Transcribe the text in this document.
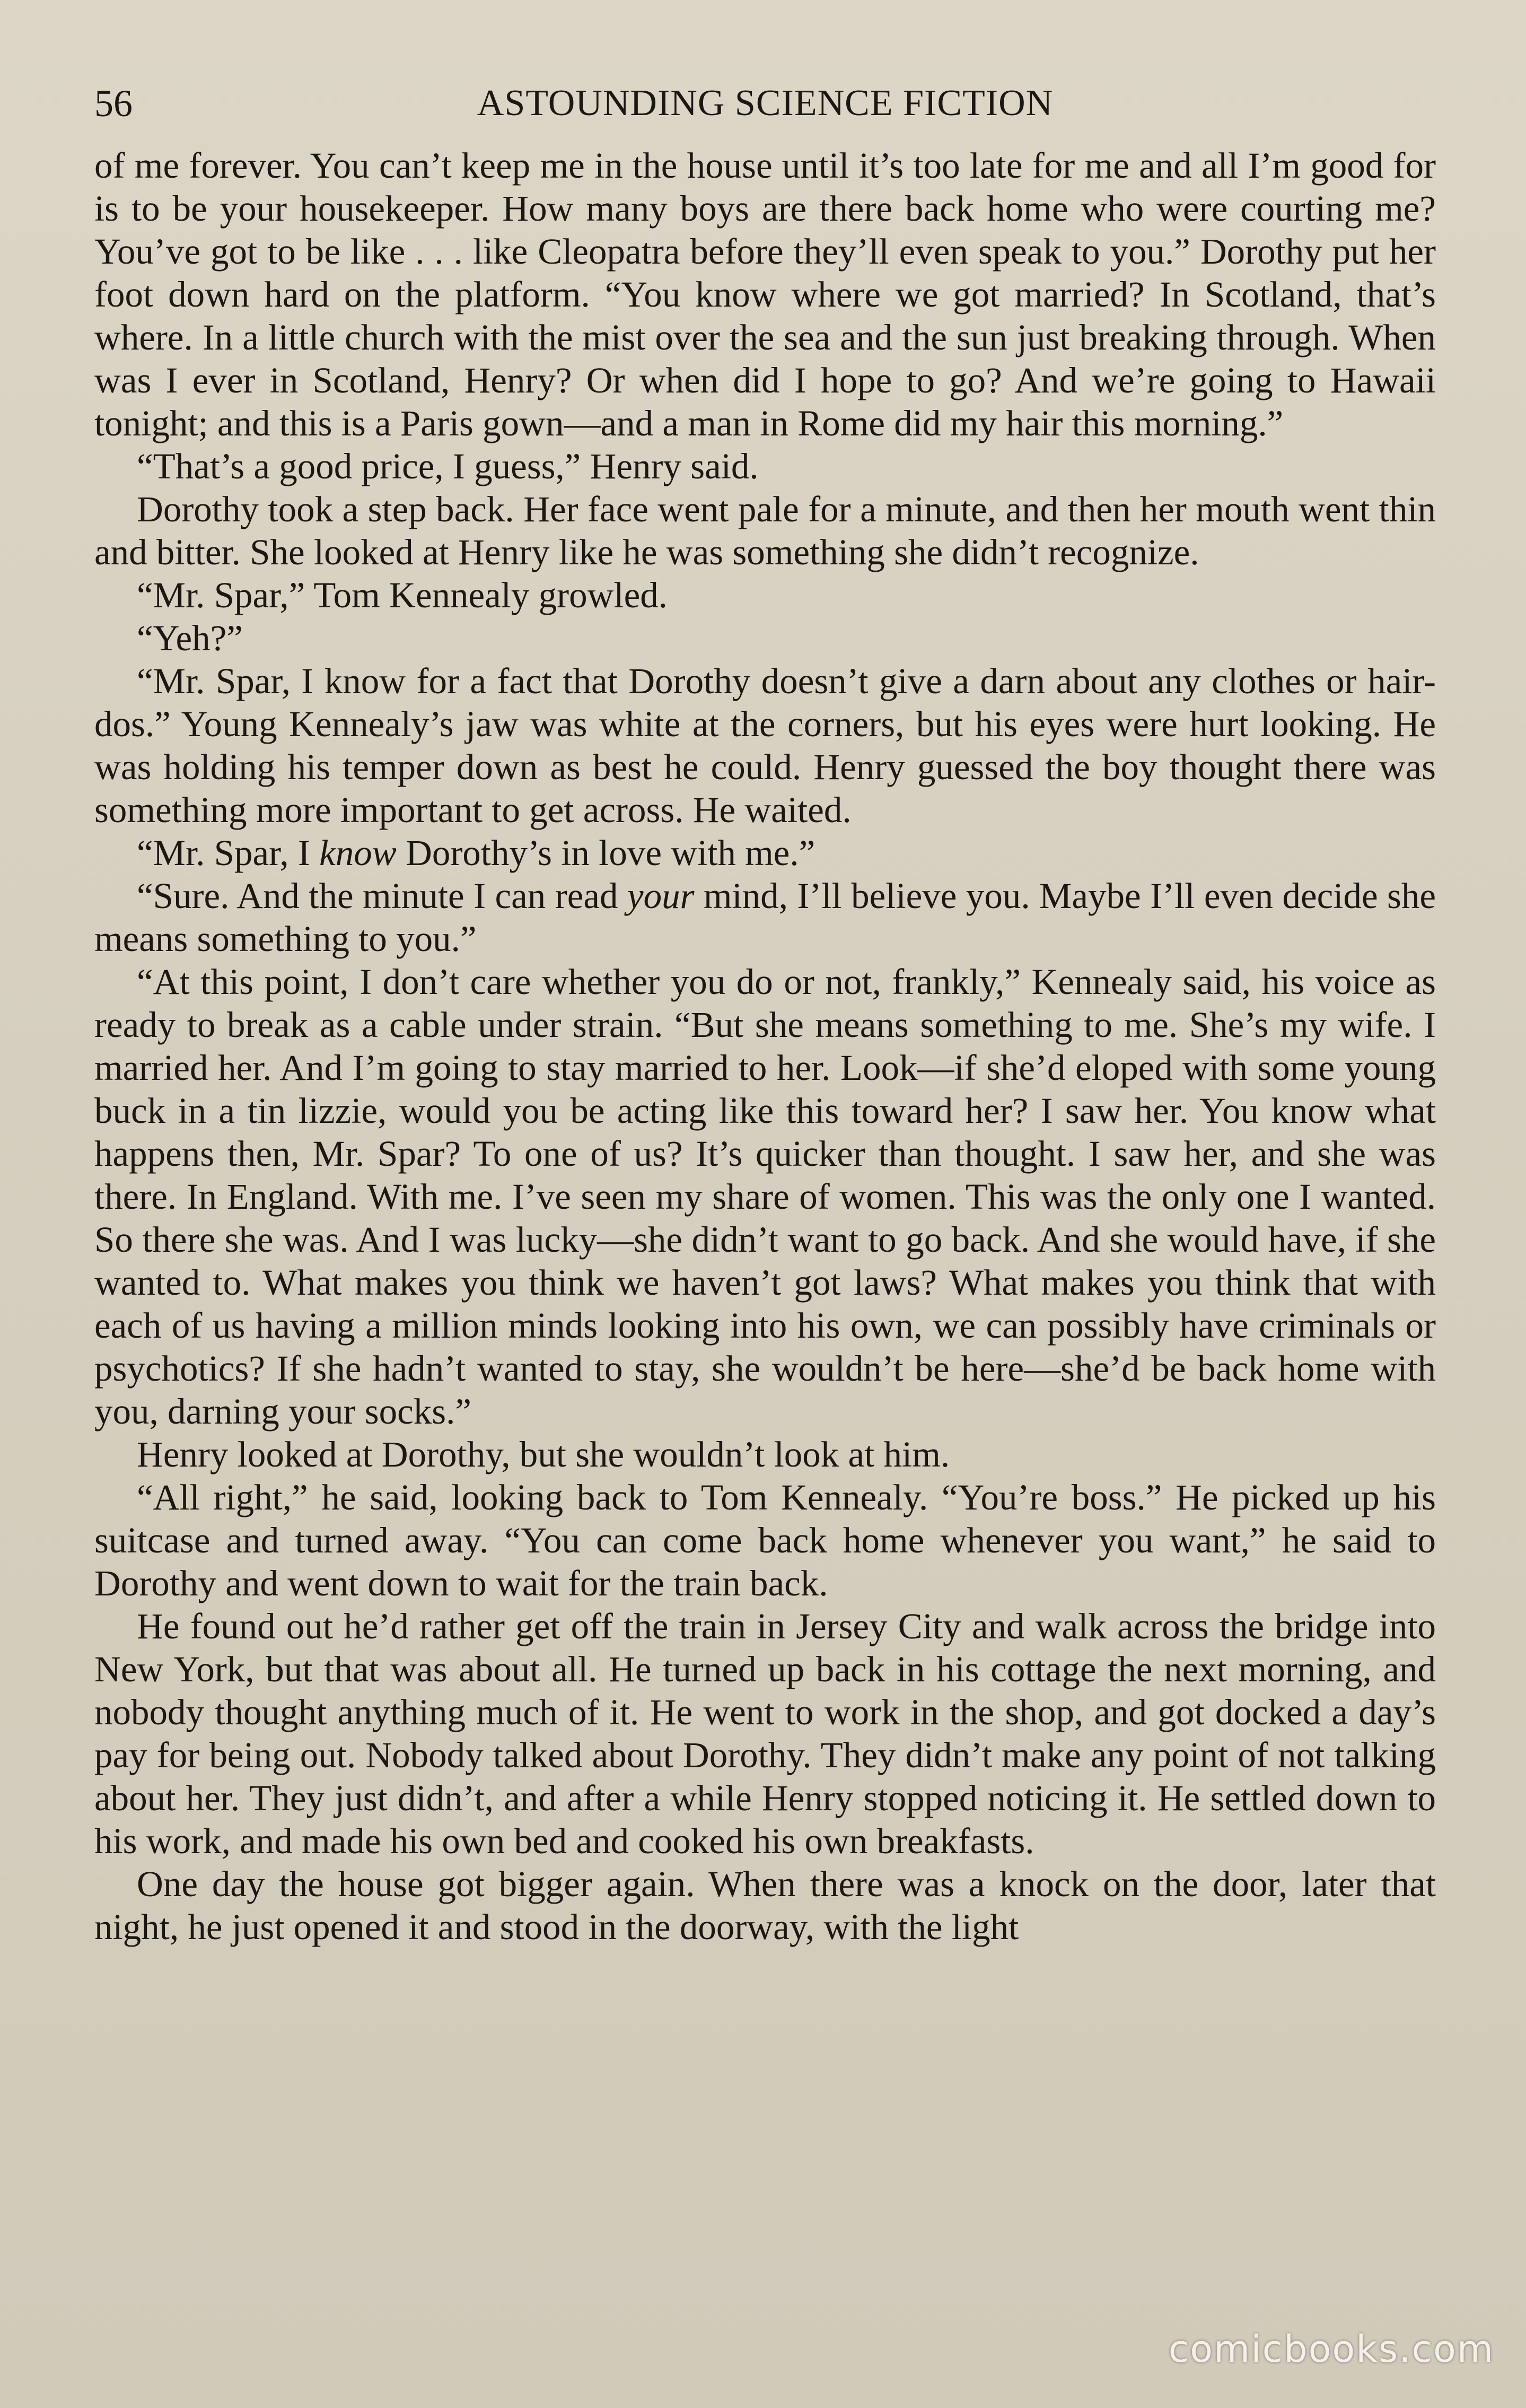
56	ASTOUNDING SCIENCE FICTION

of me forever. You can’t keep me in the house until it’s too late for me and all I’m good for is to be your housekeeper. How many boys are there back home who were courting me? You’ve got to be like . . . like Cleopatra before they’ll even speak to you.” Dorothy put her foot down hard on the platform. “You know where we got married? In Scotland, that’s where. In a little church with the mist over the sea and the sun just breaking through. When was I ever in Scotland, Henry? Or when did I hope to go? And we’re going to Hawaii tonight; and this is a Paris gown—and a man in Rome did my hair this morning.”

“That’s a good price, I guess,” Henry said.

Dorothy took a step back. Her face went pale for a minute, and then her mouth went thin and bitter. She looked at Henry like he was something she didn’t recognize.

“Mr. Spar,” Tom Kennealy growled.

“Yeh?”

“Mr. Spar, I know for a fact that Dorothy doesn’t give a darn about any clothes or hair-dos.” Young Kennealy’s jaw was white at the corners, but his eyes were hurt looking. He was holding his temper down as best he could. Henry guessed the boy thought there was something more important to get across. He waited.

“Mr. Spar, I know Dorothy’s in love with me.”

“Sure. And the minute I can read your mind, I’ll believe you. Maybe I’ll even decide she means something to you.”

“At this point, I don’t care whether you do or not, frankly,” Kennealy said, his voice as ready to break as a cable under strain. “But she means something to me. She’s my wife. I married her. And I’m going to stay married to her. Look—if she’d eloped with some young buck in a tin lizzie, would you be acting like this toward her? I saw her. You know what happens then, Mr. Spar? To one of us? It’s quicker than thought. I saw her, and she was there. In England. With me. I’ve seen my share of women. This was the only one I wanted. So there she was. And I was lucky—she didn’t want to go back. And she would have, if she wanted to. What makes you think we haven’t got laws? What makes you think that with each of us having a million minds looking into his own, we can possibly have criminals or psychotics? If she hadn’t wanted to stay, she wouldn’t be here—she’d be back home with you, darning your socks.”

Henry looked at Dorothy, but she wouldn’t look at him.

“All right,” he said, looking back to Tom Kennealy. “You’re boss.” He picked up his suitcase and turned away. “You can come back home whenever you want,” he said to Dorothy and went down to wait for the train back.

He found out he’d rather get off the train in Jersey City and walk across the bridge into New York, but that was about all. He turned up back in his cottage the next morning, and nobody thought anything much of it. He went to work in the shop, and got docked a day’s pay for being out. Nobody talked about Dorothy. They didn’t make any point of not talking about her. They just didn’t, and after a while Henry stopped noticing it. He settled down to his work, and made his own bed and cooked his own breakfasts.

One day the house got bigger again. When there was a knock on the door, later that night, he just opened it and stood in the doorway, with the light

comicbooks.com
